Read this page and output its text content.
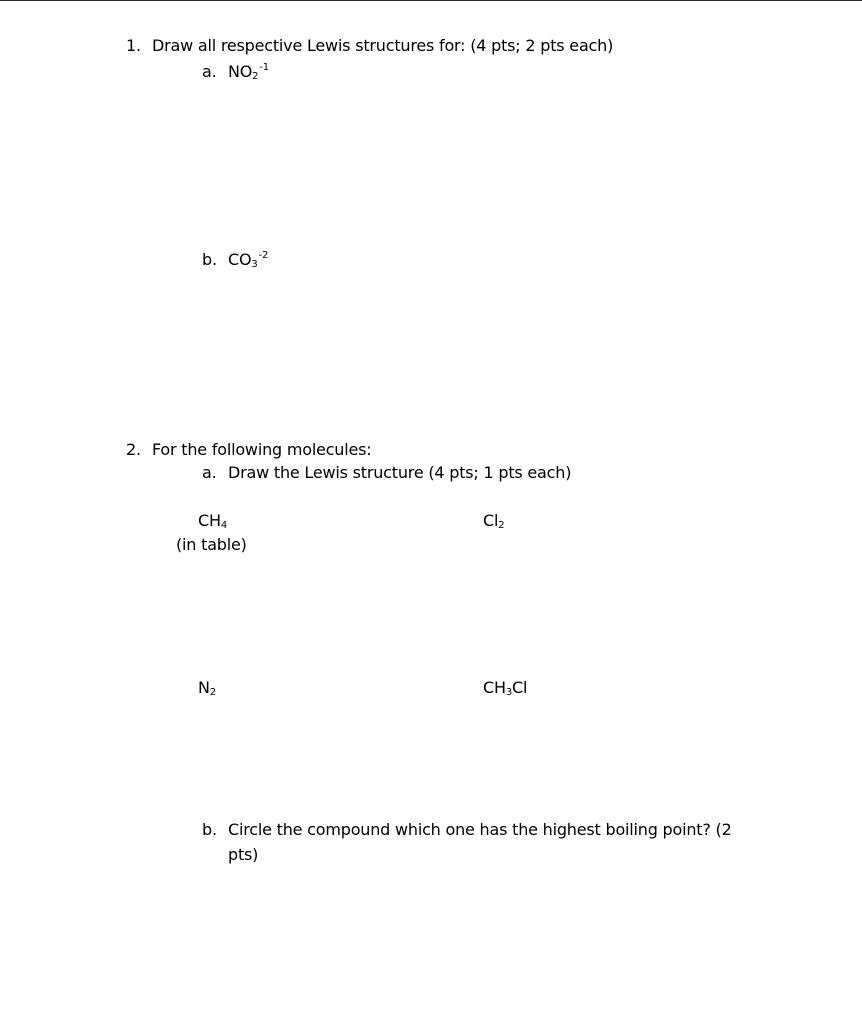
1. Draw all respective Lewis structures for: (4 pts; 2 pts each)
a. $NO_2^{-1}$
b. $CO_3^{-2}$
2. For the following molecules:
a. Draw the Lewis structure (4 pts; 1 pts each)
$CH_4$
(in table)
$Cl_2$
$N_2$	$CH_3Cl$
b. Circle the compound which one has the highest boiling point? (2
pts)
